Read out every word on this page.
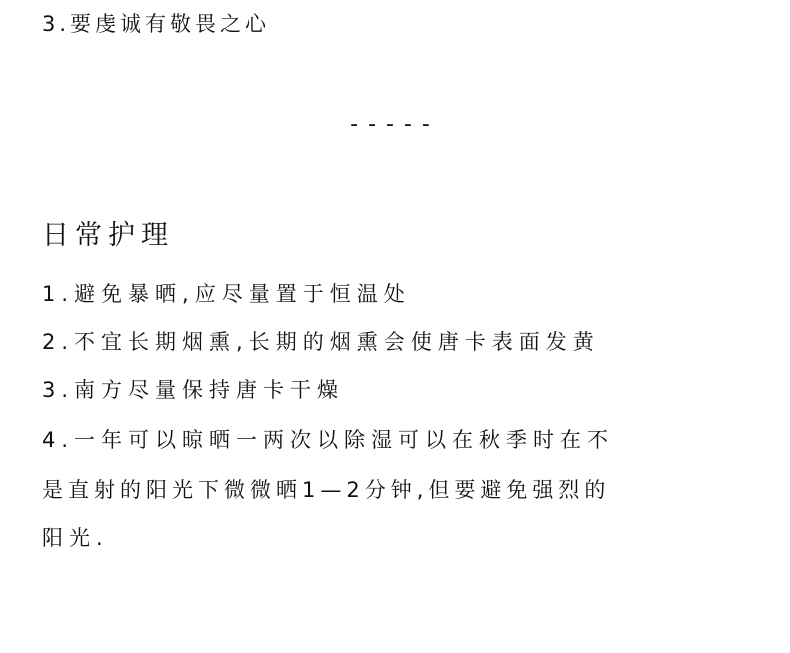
3.要虔诚有敬畏之心
-----
日常护理
1.避免暴晒,应尽量置于恒温处
2.不宜长期烟熏,长期的烟熏会使唐卡表面发黄
3.南方尽量保持唐卡干燥
4.一年可以晾晒一两次以除湿可以在秋季时在不
是直射的阳光下微微晒1—2分钟,但要避免强烈的
阳光.
